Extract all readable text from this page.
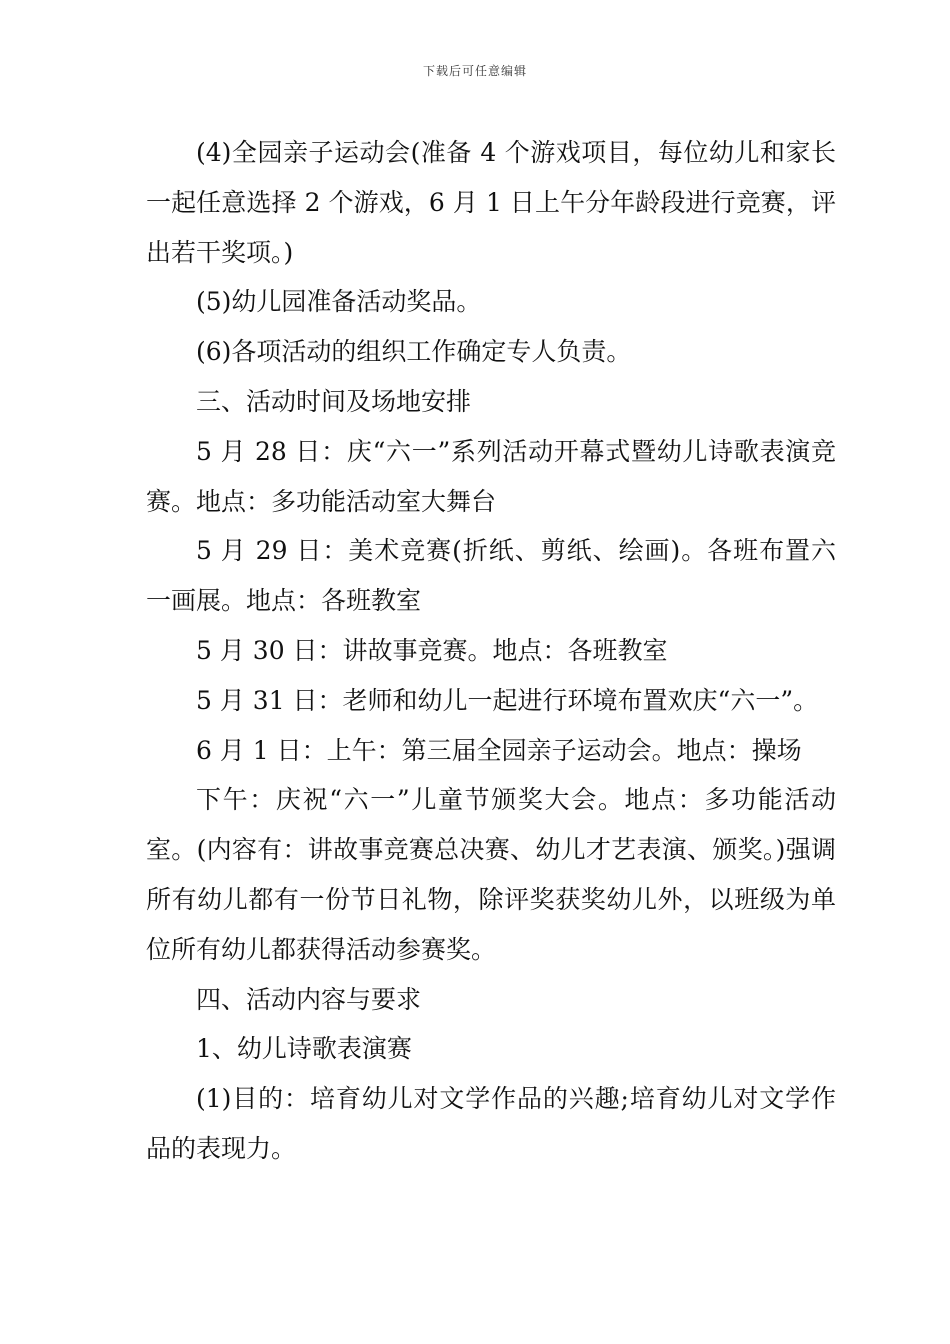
下载后可任意编辑

(4)全园亲子运动会(准备 4 个游戏项目，每位幼儿和家长一起任意选择 2 个游戏，6 月 1 日上午分年龄段进行竞赛，评出若干奖项。)

(5)幼儿园准备活动奖品。

(6)各项活动的组织工作确定专人负责。

三、活动时间及场地安排

5 月 28 日：庆“六一”系列活动开幕式暨幼儿诗歌表演竞赛。地点：多功能活动室大舞台

5 月 29 日：美术竞赛(折纸、剪纸、绘画)。各班布置六一画展。地点：各班教室

5 月 30 日：讲故事竞赛。地点：各班教室

5 月 31 日：老师和幼儿一起进行环境布置欢庆“六一”。

6 月 1 日：上午：第三届全园亲子运动会。地点：操场

下午：庆祝“六一”儿童节颁奖大会。地点：多功能活动室。(内容有：讲故事竞赛总决赛、幼儿才艺表演、颁奖。)强调所有幼儿都有一份节日礼物，除评奖获奖幼儿外，以班级为单位所有幼儿都获得活动参赛奖。

四、活动内容与要求

1、幼儿诗歌表演赛

(1)目的：培育幼儿对文学作品的兴趣;培育幼儿对文学作品的表现力。
